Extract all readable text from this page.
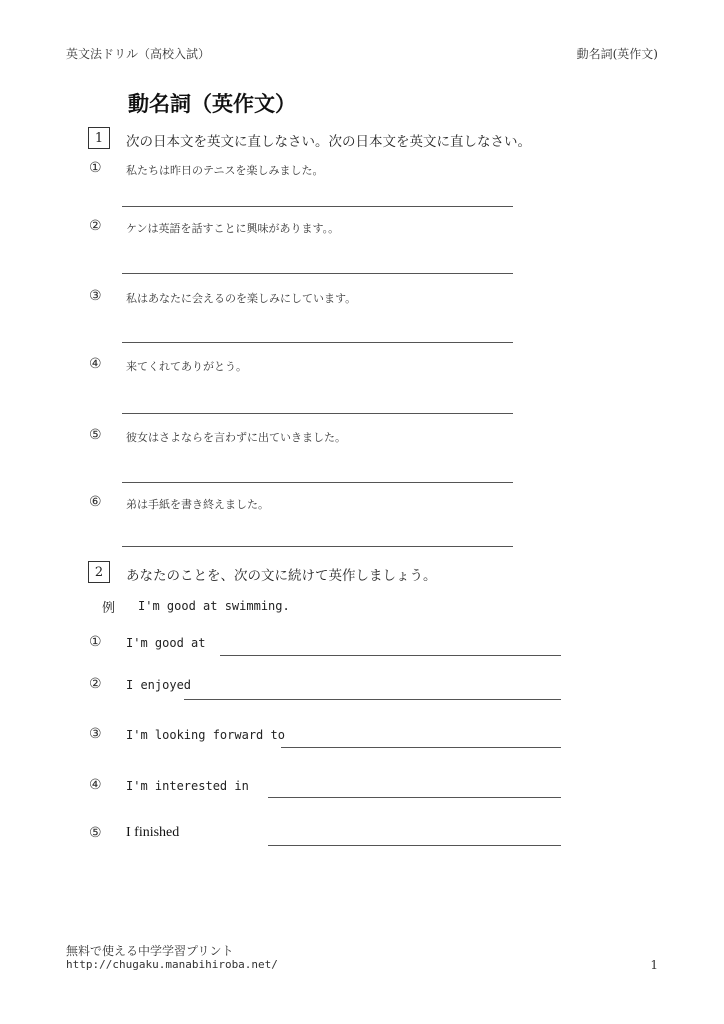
英文法ドリル（高校入試）	動名詞(英作文)
動名詞（英作文）
1	次の日本文を英文に直しなさい。次の日本文を英文に直しなさい。
① 私たちは昨日のテニスを楽しみました。
② ケンは英語を話すことに興味があります。。
③ 私はあなたに会えるのを楽しみにしています。
④ 来てくれてありがとう。
⑤ 彼女はさよならを言わずに出ていきました。
⑥ 弟は手紙を書き終えました。
2	あなたのことを、次の文に続けて英作しましょう。
例 I'm good at swimming.
① I'm good at
② I enjoyed
③ I'm looking forward to
④ I'm interested in
⑤ I finished
無料で使える中学学習プリント
http://chugaku.manabihiroba.net/	1
